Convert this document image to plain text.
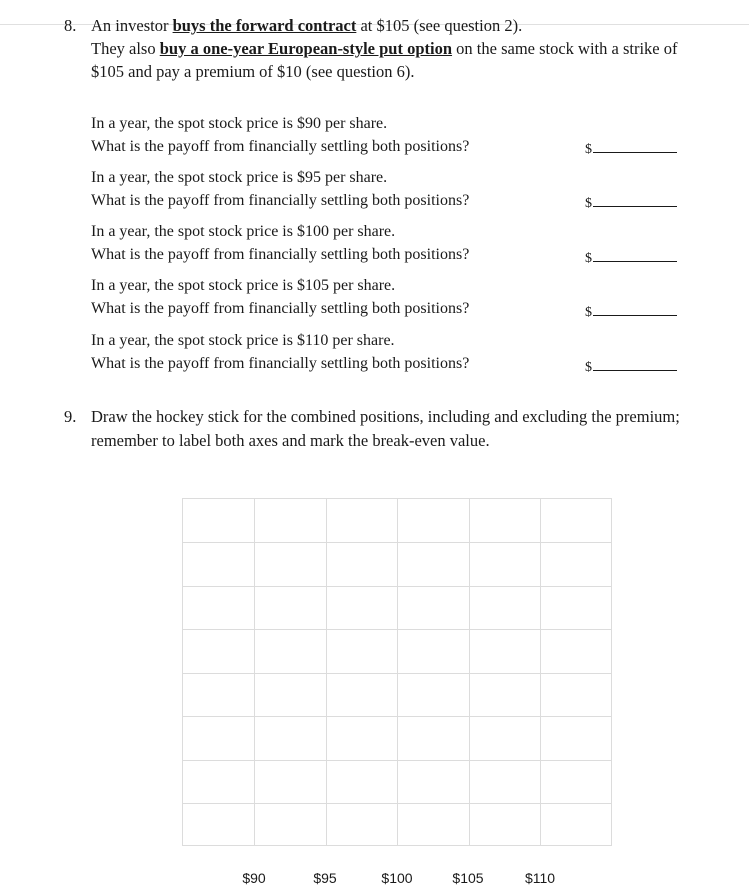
8. An investor buys the forward contract at $105 (see question 2).
They also buy a one-year European-style put option on the same stock with a strike of
$105 and pay a premium of $10 (see question 6).
In a year, the spot stock price is $90 per share.
What is the payoff from financially settling both positions?	$
In a year, the spot stock price is $95 per share.
What is the payoff from financially settling both positions?	$
In a year, the spot stock price is $100 per share.
What is the payoff from financially settling both positions?	$
In a year, the spot stock price is $105 per share.
What is the payoff from financially settling both positions?	$
In a year, the spot stock price is $110 per share.
What is the payoff from financially settling both positions?	$
9. Draw the hockey stick for the combined positions, including and excluding the premium;
remember to label both axes and mark the break-even value.
$90	$95	$100	$105	$110
